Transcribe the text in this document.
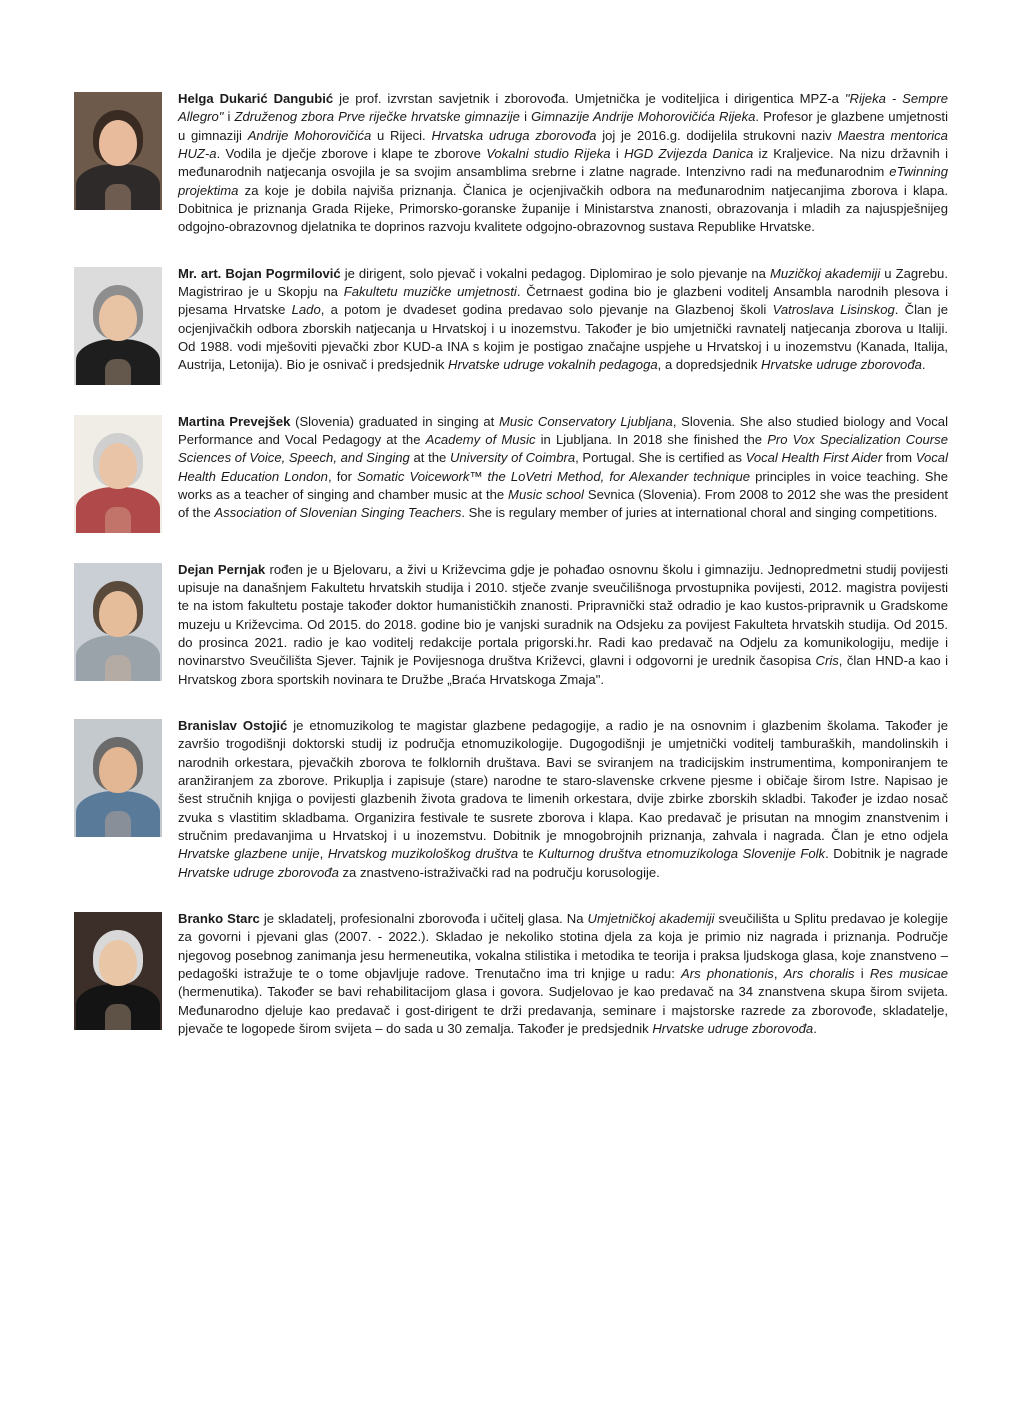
Helga Dukarić Dangubić je prof. izvrstan savjetnik i zborovođa. Umjetnička je voditeljica i dirigentica MPZ-a "Rijeka - Sempre Allegro" i Združenog zbora Prve riječke hrvatske gimnazije i Gimnazije Andrije Mohorovičića Rijeka. Profesor je glazbene umjetnosti u gimnaziji Andrije Mohorovičića u Rijeci. Hrvatska udruga zborovođa joj je 2016.g. dodijelila strukovni naziv Maestra mentorica HUZ-a. Vodila je dječje zborove i klape te zborove Vokalni studio Rijeka i HGD Zvijezda Danica iz Kraljevice. Na nizu državnih i međunarodnih natjecanja osvojila je sa svojim ansamblima srebrne i zlatne nagrade. Intenzivno radi na međunarodnim eTwinning projektima za koje je dobila najviša priznanja. Članica je ocjenjivačkih odbora na međunarodnim natjecanjima zborova i klapa. Dobitnica je priznanja Grada Rijeke, Primorsko-goranske županije i Ministarstva znanosti, obrazovanja i mladih za najuspješnijeg odgojno-obrazovnog djelatnika te doprinos razvoju kvalitete odgojno-obrazovnog sustava Republike Hrvatske.
Mr. art. Bojan Pogrmilović je dirigent, solo pjevač i vokalni pedagog. Diplomirao je solo pjevanje na Muzičkoj akademiji u Zagrebu. Magistrirao je u Skopju na Fakultetu muzičke umjetnosti. Četrnaest godina bio je glazbeni voditelj Ansambla narodnih plesova i pjesama Hrvatske Lado, a potom je dvadeset godina predavao solo pjevanje na Glazbenoj školi Vatroslava Lisinskog. Član je ocjenjivačkih odbora zborskih natjecanja u Hrvatskoj i u inozemstvu. Također je bio umjetnički ravnatelj natjecanja zborova u Italiji. Od 1988. vodi mješoviti pjevački zbor KUD-a INA s kojim je postigao značajne uspjehe u Hrvatskoj i u inozemstvu (Kanada, Italija, Austrija, Letonija). Bio je osnivač i predsjednik Hrvatske udruge vokalnih pedagoga, a dopredsjednik Hrvatske udruge zborovođa.
Martina Prevejšek (Slovenia) graduated in singing at Music Conservatory Ljubljana, Slovenia. She also studied biology and Vocal Performance and Vocal Pedagogy at the Academy of Music in Ljubljana. In 2018 she finished the Pro Vox Specialization Course Sciences of Voice, Speech, and Singing at the University of Coimbra, Portugal. She is certified as Vocal Health First Aider from Vocal Health Education London, for Somatic Voicework™ the LoVetri Method, for Alexander technique principles in voice teaching. She works as a teacher of singing and chamber music at the Music school Sevnica (Slovenia). From 2008 to 2012 she was the president of the Association of Slovenian Singing Teachers. She is regulary member of juries at international choral and singing competitions.
Dejan Pernjak rođen je u Bjelovaru, a živi u Križevcima gdje je pohađao osnovnu školu i gimnaziju. Jednopredmetni studij povijesti upisuje na današnjem Fakultetu hrvatskih studija i 2010. stječe zvanje sveučilišnoga prvostupnika povijesti, 2012. magistra povijesti te na istom fakultetu postaje također doktor humanističkih znanosti. Pripravnički staž odradio je kao kustos-pripravnik u Gradskome muzeju u Križevcima. Od 2015. do 2018. godine bio je vanjski suradnik na Odsjeku za povijest Fakulteta hrvatskih studija. Od 2015. do prosinca 2021. radio je kao voditelj redakcije portala prigorski.hr. Radi kao predavač na Odjelu za komunikologiju, medije i novinarstvo Sveučilišta Sjever. Tajnik je Povijesnoga društva Križevci, glavni i odgovorni je urednik časopisa Cris, član HND-a kao i Hrvatskog zbora sportskih novinara te Družbe „Braća Hrvatskoga Zmaja".
Branislav Ostojić je etnomuzikolog te magistar glazbene pedagogije, a radio je na osnovnim i glazbenim školama. Također je završio trogodišnji doktorski studij iz područja etnomuzikologije. Dugogodišnji je umjetnički voditelj tamburaških, mandolinskih i narodnih orkestara, pjevačkih zborova te folklornih društava. Bavi se sviranjem na tradicijskim instrumentima, komponiranjem te aranžiranjem za zborove. Prikuplja i zapisuje (stare) narodne te staro-slavenske crkvene pjesme i običaje širom Istre. Napisao je šest stručnih knjiga o povijesti glazbenih života gradova te limenih orkestara, dvije zbirke zborskih skladbi. Također je izdao nosač zvuka s vlastitim skladbama. Organizira festivale te susrete zborova i klapa. Kao predavač je prisutan na mnogim znanstvenim i stručnim predavanjima u Hrvatskoj i u inozemstvu. Dobitnik je mnogobrojnih priznanja, zahvala i nagrada. Član je etno odjela Hrvatske glazbene unije, Hrvatskog muzikološkog društva te Kulturnog društva etnomuzikologa Slovenije Folk. Dobitnik je nagrade Hrvatske udruge zborovođa za znastveno-istraživački rad na području korusologije.
Branko Starc je skladatelj, profesionalni zborovođa i učitelj glasa. Na Umjetničkoj akademiji sveučilišta u Splitu predavao je kolegije za govorni i pjevani glas (2007. - 2022.). Skladao je nekoliko stotina djela za koja je primio niz nagrada i priznanja. Područje njegovog posebnog zanimanja jesu hermeneutika, vokalna stilistika i metodika te teorija i praksa ljudskoga glasa, koje znanstveno – pedagoški istražuje te o tome objavljuje radove. Trenutačno ima tri knjige u radu: Ars phonationis, Ars choralis i Res musicae (hermenutika). Također se bavi rehabilitacijom glasa i govora. Sudjelovao je kao predavač na 34 znanstvena skupa širom svijeta. Međunarodno djeluje kao predavač i gost-dirigent te drži predavanja, seminare i majstorske razrede za zborovođe, skladatelje, pjevače te logopede širom svijeta – do sada u 30 zemalja. Također je predsjednik Hrvatske udruge zborovođa.
